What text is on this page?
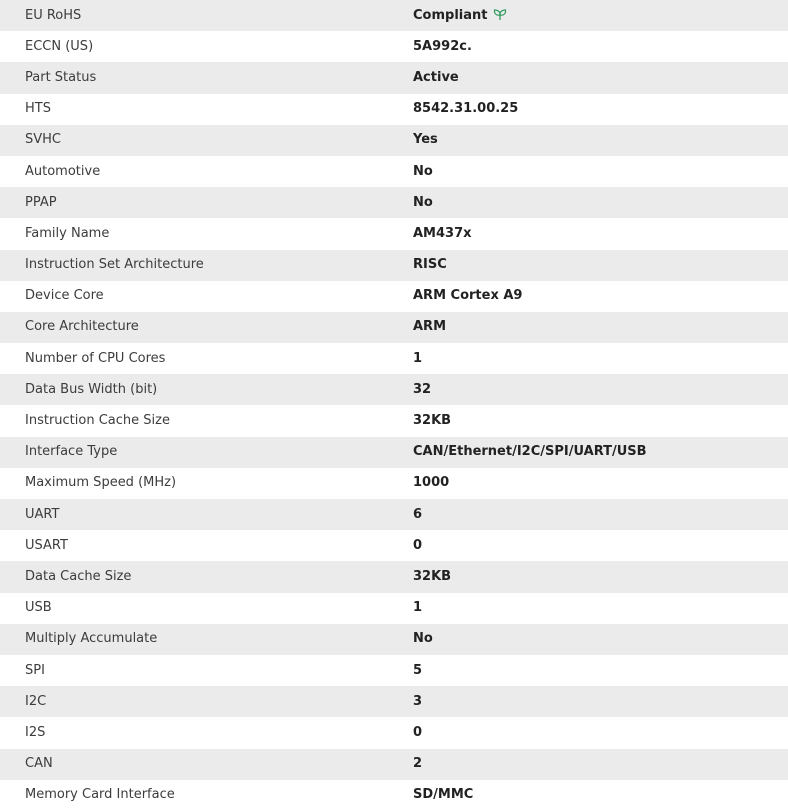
EU RoHS	Compliant
ECCN (US)	5A992c.
Part Status	Active
HTS	8542.31.00.25
SVHC	Yes
Automotive	No
PPAP	No
Family Name	AM437x
Instruction Set Architecture	RISC
Device Core	ARM Cortex A9
Core Architecture	ARM
Number of CPU Cores	1
Data Bus Width (bit)	32
Instruction Cache Size	32KB
Interface Type	CAN/Ethernet/I2C/SPI/UART/USB
Maximum Speed (MHz)	1000
UART	6
USART	0
Data Cache Size	32KB
USB	1
Multiply Accumulate	No
SPI	5
I2C	3
I2S	0
CAN	2
Memory Card Interface	SD/MMC
